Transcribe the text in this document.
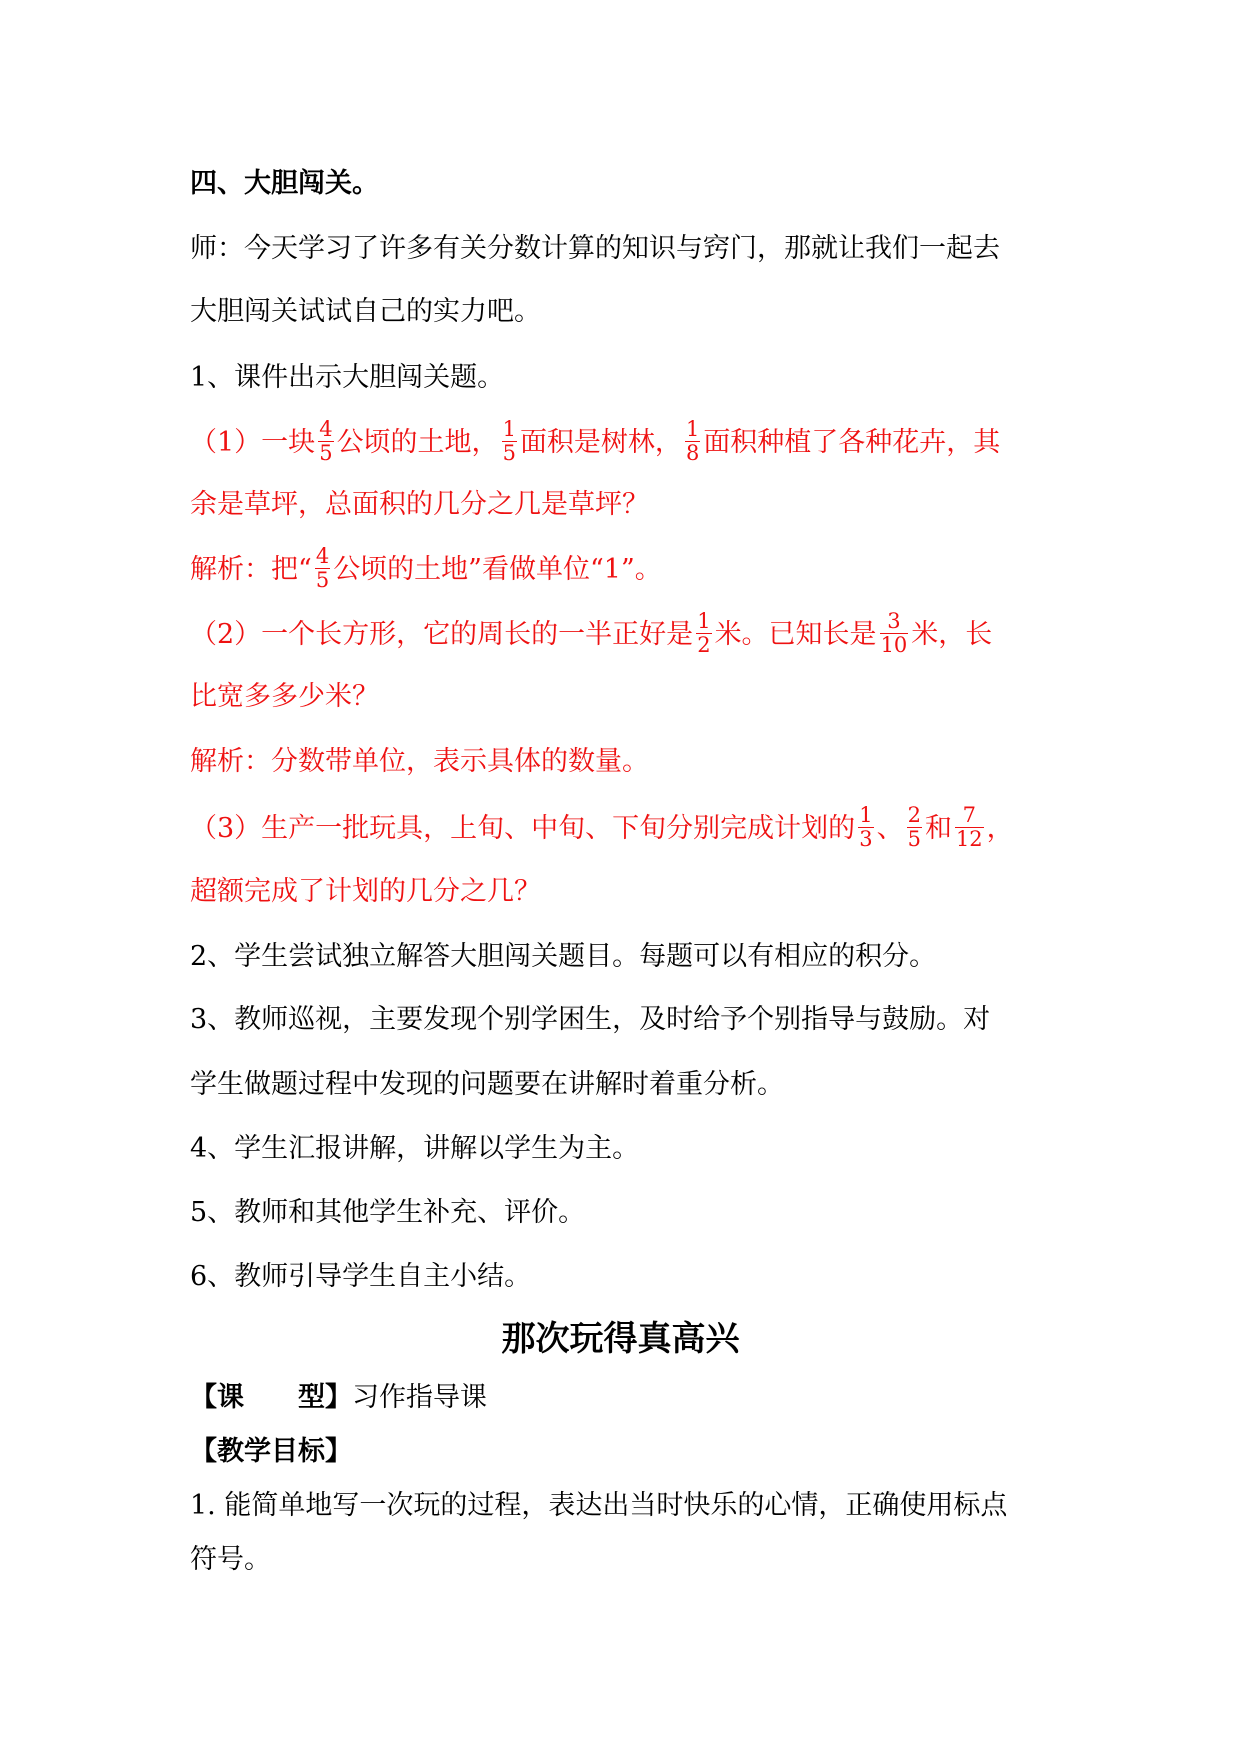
四、大胆闯关。
师：今天学习了许多有关分数计算的知识与窍门，那就让我们一起去
大胆闯关试试自己的实力吧。
1、课件出示大胆闯关题。
（1）一块 $\frac{4}{5}$ 公顷的土地， $\frac{1}{5}$ 面积是树林， $\frac{1}{8}$ 面积种植了各种花卉，其
余是草坪，总面积的几分之几是草坪？
解析：把“ $\frac{4}{5}$ 公顷的土地”看做单位“1”。
（2）一个长方形，它的周长的一半正好是 $\frac{1}{2}$ 米。已知长是 $\frac{3}{10}$ 米，长
比宽多多少米？
解析：分数带单位，表示具体的数量。
（3）生产一批玩具，上旬、中旬、下旬分别完成计划的 $\frac{1}{3}$ 、 $\frac{2}{5}$ 和 $\frac{7}{12}$ ，
超额完成了计划的几分之几？
2、学生尝试独立解答大胆闯关题目。每题可以有相应的积分。
3、教师巡视，主要发现个别学困生，及时给予个别指导与鼓励。对
学生做题过程中发现的问题要在讲解时着重分析。
4、学生汇报讲解，讲解以学生为主。
5、教师和其他学生补充、评价。
6、教师引导学生自主小结。
那次玩得真高兴
【课　　型】习作指导课
【教学目标】
1. 能简单地写一次玩的过程，表达出当时快乐的心情，正确使用标点
符号。
